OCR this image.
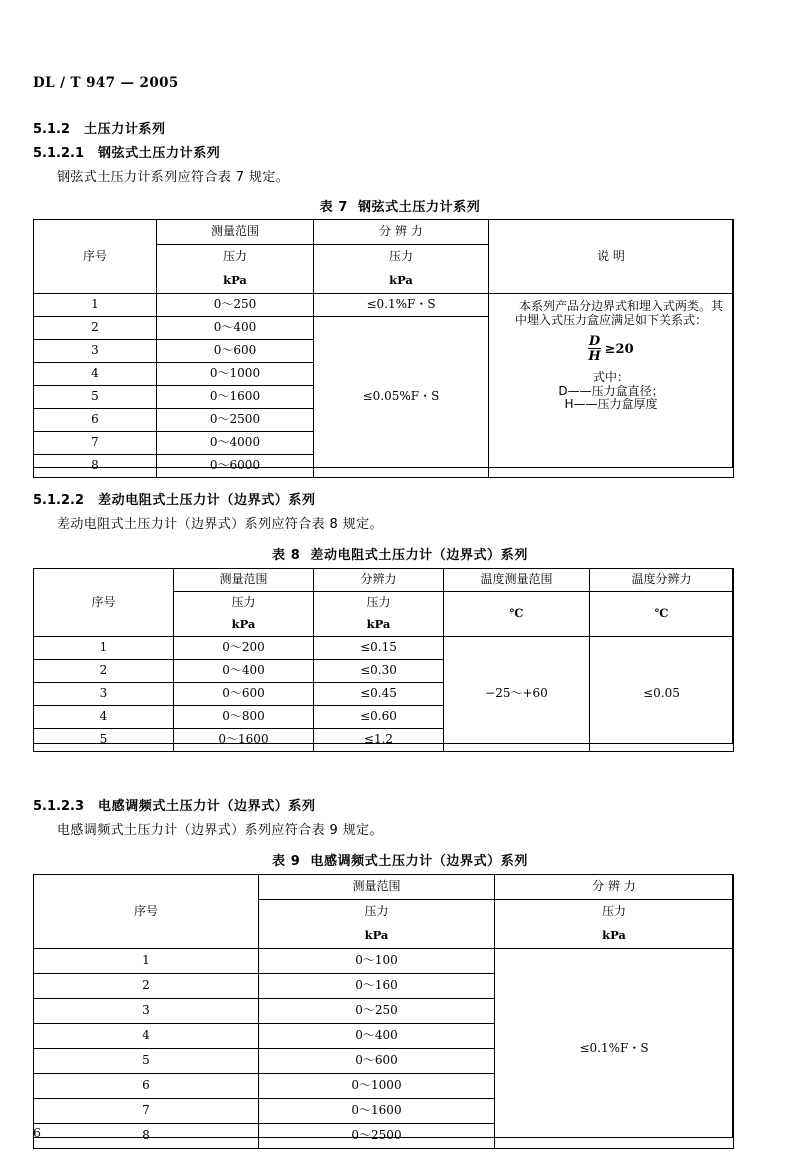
DL / T 947 — 2005
5.1.2 土压力计系列
5.1.2.1 钢弦式土压力计系列
钢弦式土压力计系列应符合表 7 规定。
表 7 钢弦式土压力计系列
序号	测量范围	分 辨 力	说 明
	压力	压力	
	kPa	kPa	
1	0～250	≤0.1%F・S	本系列产品分边界式和埋入式两类。其

中埋入式压力盒应满足如下关系式：

$\frac{D}{H} \ge 20$

式中：

D——压力盒直径；

H——压力盒厚度

2	0～400	≤0.05%F・S	
3	0～600		
4	0～1000		
5	0～1600		
6	0～2500		
7	0～4000		
8	0～6000		
5.1.2.2 差动电阻式土压力计（边界式）系列
差动电阻式土压力计（边界式）系列应符合表 8 规定。
表 8 差动电阻式土压力计（边界式）系列
序号	测量范围	分辨力	温度测量范围	温度分辨力
	压力	压力	℃	℃
	kPa	kPa		
1	0～200	≤0.15	−25～+60	≤0.05
2	0～400	≤0.30		
3	0～600	≤0.45		
4	0～800	≤0.60		
5	0～1600	≤1.2		
5.1.2.3 电感调频式土压力计（边界式）系列
电感调频式土压力计（边界式）系列应符合表 9 规定。
表 9 电感调频式土压力计（边界式）系列
序号	测量范围	分 辨 力
	压力	压力
	kPa	kPa
1	0～100	≤0.1%F・S
2	0～160	
3	0～250	
4	0～400	
5	0～600	
6	0～1000	
7	0～1600	
8	0～2500	
6
